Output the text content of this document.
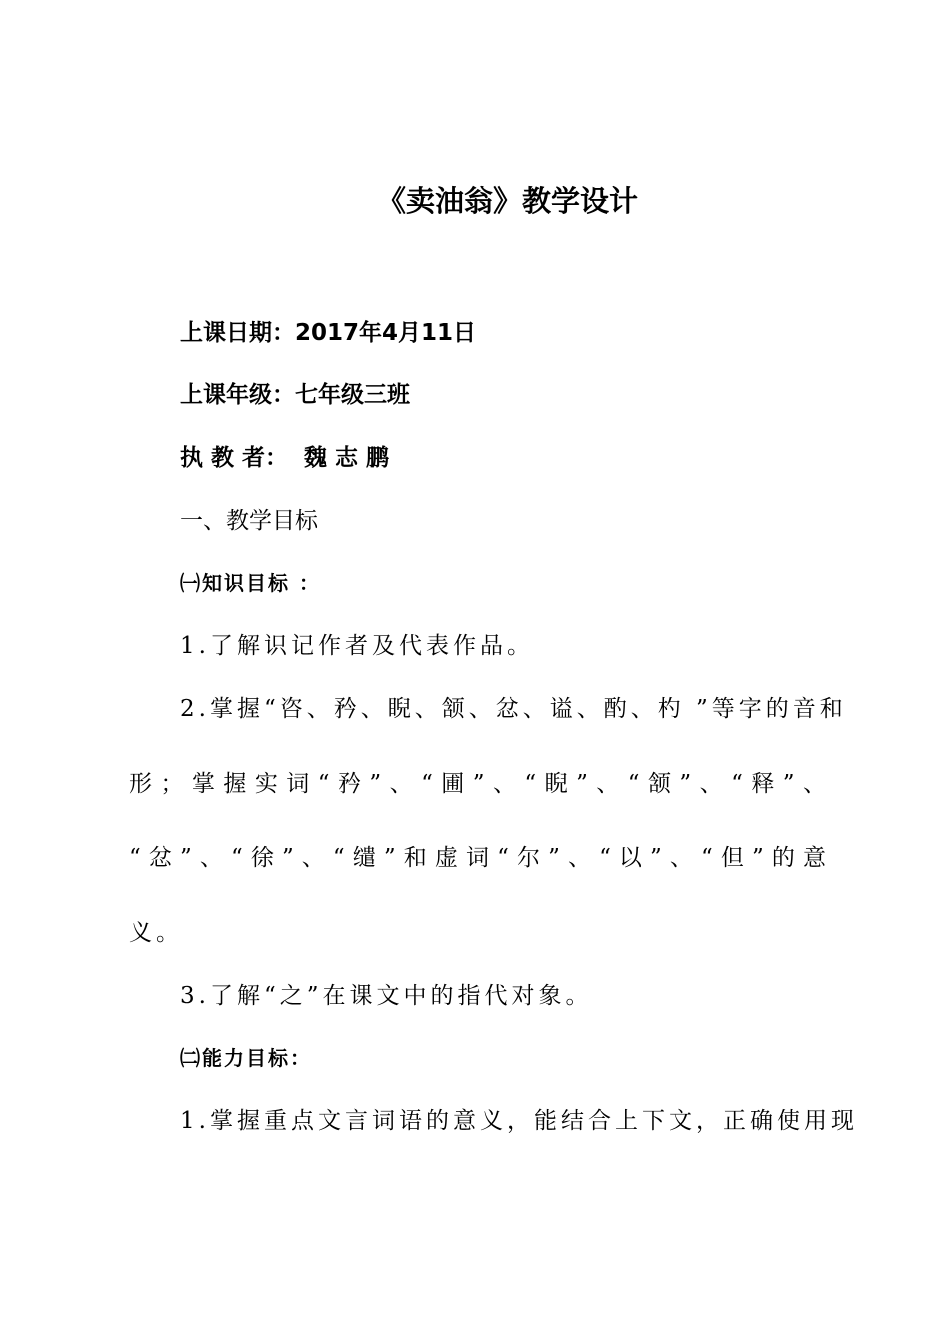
《卖油翁》教学设计
上课日期：2017年4月11日
上课年级：七年级三班
执 教 者：  魏 志 鹏
一、教学目标
㈠知识目标 ：
1.了解识记作者及代表作品。
2.掌握“咨、矜、睨、颔、忿、谥、酌、杓 ”等字的音和
形；掌握实词“矜”、“圃”、“睨”、“颔”、“释”、
“忿”、“徐”、“缱”和虚词“尔”、“以”、“但”的意
义。
3.了解“之”在课文中的指代对象。
㈡能力目标：
1.掌握重点文言词语的意义，能结合上下文，正确使用现
